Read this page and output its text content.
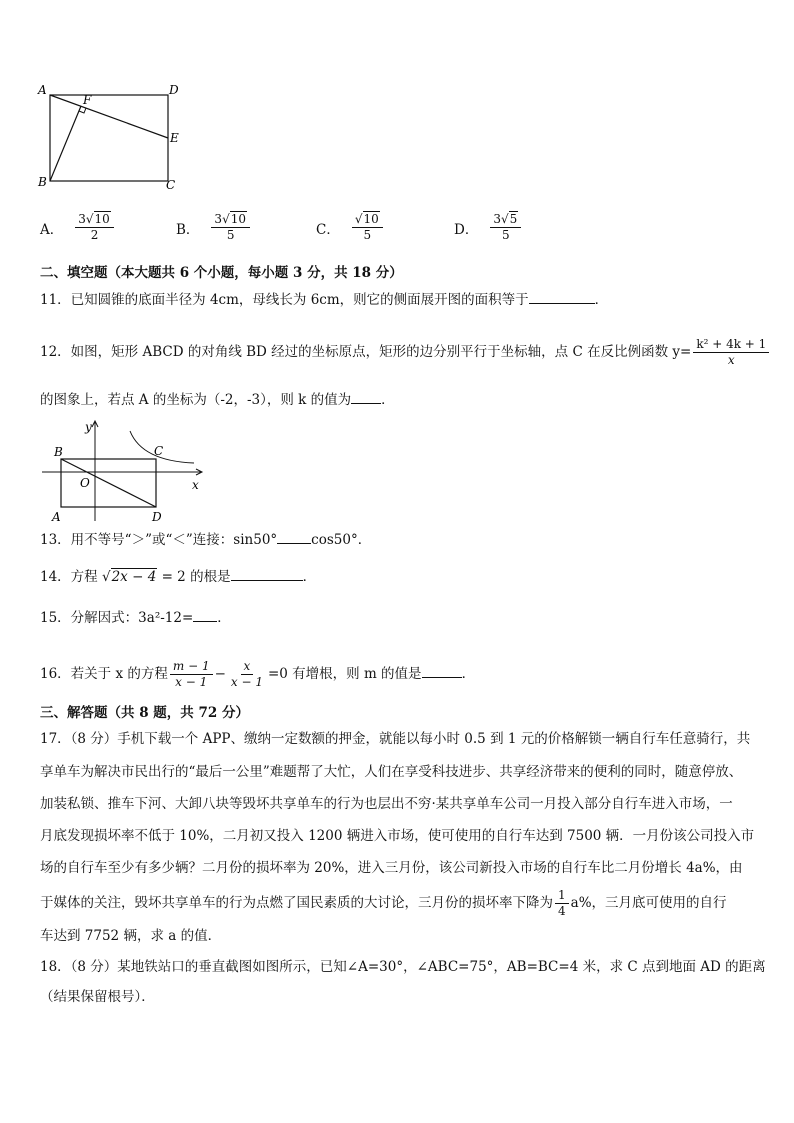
A
F
D
E
B	C
A． $\frac{3√10}{2}$	B． $\frac{3√10}{5}$	C． $\frac{√10}{5}$	D． $\frac{3√5}{5}$
二、填空题（本大题共 6 个小题，每小题 3 分，共 18 分）
11．已知圆锥的底面半径为 4cm，母线长为 6cm，则它的侧面展开图的面积等于	．
12．如图，矩形 ABCD 的对角线 BD 经过的坐标原点，矩形的边分别平行于坐标轴，点 C 在反比例函数 $y= \frac{\text{k² + 4k + 1}}{x}$
的图象上，若点 A 的坐标为（-2，-3），则 k 的值为 ．
y
x
B	C
O
A	D
13．用不等号“＞”或“＜”连接：sin50°	cos50°．
14．方程 √2x − 4 = 2 的根是	．
15．分解因式：3a²-12= ．
16．若关于 x 的方程 $\frac{m - 1}{x - 1} - \frac{x}{x - 1} =0$ 有增根，则 m 的值是	．
三、解答题（共 8 题，共 72 分）
17．（8 分）手机下载一个 APP、缴纳一定数额的押金，就能以每小时 0.5 到 1 元的价格解锁一辆自行车任意骑行，共
享单车为解决市民出行的“最后一公里”难题帮了大忙，人们在享受科技进步、共享经济带来的便利的同时，随意停放、
加装私锁、推车下河、大卸八块等毁坏共享单车的行为也层出不穷·某共享单车公司一月投入部分自行车进入市场，一
月底发现损坏率不低于 10%，二月初又投入 1200 辆进入市场，使可使用的自行车达到 7500 辆．一月份该公司投入市
场的自行车至少有多少辆？二月份的损坏率为 20%，进入三月份，该公司新投入市场的自行车比二月份增长 4a%，由
于媒体的关注，毁坏共享单车的行为点燃了国民素质的大讨论，三月份的损坏率下降为 $\frac{1}{4} a\%$，三月底可使用的自行
车达到 7752 辆，求 a 的值．
18．（8 分）某地铁站口的垂直截图如图所示，已知∠A=30°，∠ABC=75°，AB=BC=4 米，求 C 点到地面 AD 的距离
（结果保留根号）．
